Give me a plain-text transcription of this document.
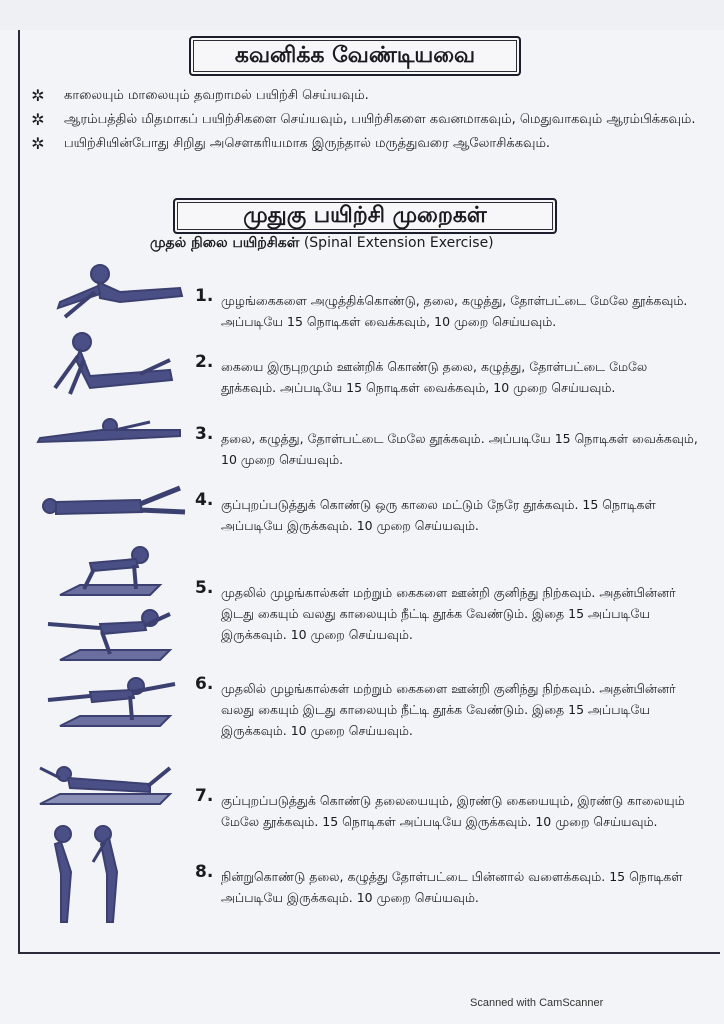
கவனிக்க வேண்டியவை
✲ காலையும் மாலையும் தவறாமல் பயிற்சி செய்யவும்.
✲ ஆரம்பத்தில் மிதமாகப் பயிற்சிகளை செய்யவும், பயிற்சிகளை கவனமாகவும், மெதுவாகவும் ஆரம்பிக்கவும்.
✲ பயிற்சியின்போது சிறிது அசௌகரியமாக இருந்தால் மருத்துவரை ஆலோசிக்கவும்.
முதுகு பயிற்சி முறைகள்
முதல் நிலை பயிற்சிகள் (Spinal Extension Exercise)
1. முழங்கைகளை அழுத்திக்கொண்டு, தலை, கழுத்து, தோள்பட்டை மேலே தூக்கவும். அப்படியே 15 நொடிகள் வைக்கவும், 10 முறை செய்யவும்.
2. கையை இருபுறமும் ஊன்றிக் கொண்டு தலை, கழுத்து, தோள்பட்டை மேலே தூக்கவும். அப்படியே 15 நொடிகள் வைக்கவும், 10 முறை செய்யவும்.
3. தலை, கழுத்து, தோள்பட்டை மேலே தூக்கவும். அப்படியே 15 நொடிகள் வைக்கவும், 10 முறை செய்யவும்.
4. குப்புறப்படுத்துக் கொண்டு ஒரு காலை மட்டும் நேரே தூக்கவும். 15 நொடிகள் அப்படியே இருக்கவும். 10 முறை செய்யவும்.
5. முதலில் முழங்கால்கள் மற்றும் கைகளை ஊன்றி குனிந்து நிற்கவும். அதன்பின்னர் இடது கையும் வலது காலையும் நீட்டி தூக்க வேண்டும். இதை 15 அப்படியே இருக்கவும். 10 முறை செய்யவும்.
6. முதலில் முழங்கால்கள் மற்றும் கைகளை ஊன்றி குனிந்து நிற்கவும். அதன்பின்னர் வலது கையும் இடது காலையும் நீட்டி தூக்க வேண்டும். இதை 15 அப்படியே இருக்கவும். 10 முறை செய்யவும்.
7. குப்புறப்படுத்துக் கொண்டு தலையையும், இரண்டு கையையும், இரண்டு காலையும் மேலே தூக்கவும். 15 நொடிகள் அப்படியே இருக்கவும். 10 முறை செய்யவும்.
8. நின்றுகொண்டு தலை, கழுத்து தோள்பட்டை பின்னால் வளைக்கவும். 15 நொடிகள் அப்படியே இருக்கவும். 10 முறை செய்யவும்.
Scanned with CamScanner
